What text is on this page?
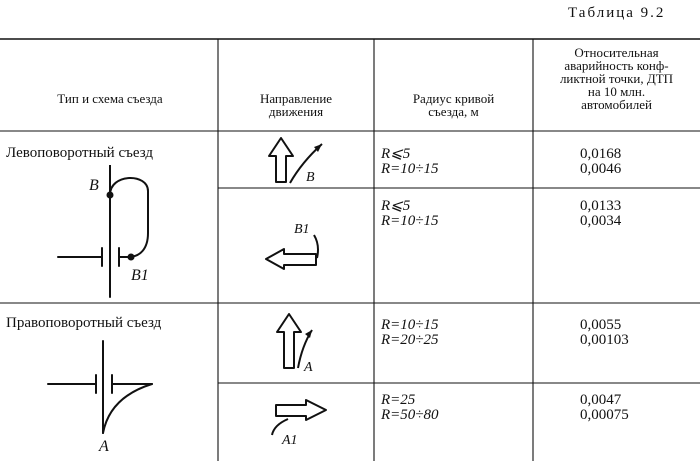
Таблица 9.2
Тип и схема съезда	Направление
движения
Радиус кривой
съезда, м
Относительная
аварийность конф-
ликтной точки, ДТП
на 10 млн.
автомобилей
Левоповоротный съезд
B
B1
B
R⩽5
R=10÷15
0,0168
0,0046
B1
R⩽5
R=10÷15
0,0133
0,0034
Правоповоротный съезд
A
A
R=10÷15
R=20÷25
0,0055
0,00103
A1
R=25
R=50÷80
0,0047
0,00075
